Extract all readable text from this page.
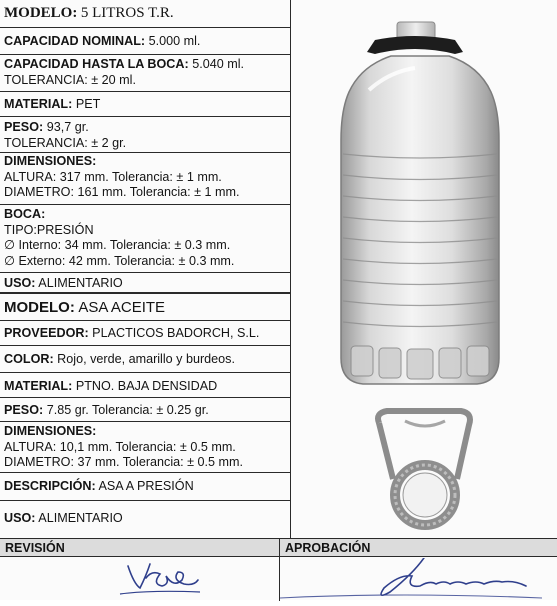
MODELO: 5 LITROS T.R.
CAPACIDAD NOMINAL: 5.000 ml.
CAPACIDAD HASTA LA BOCA: 5.040 ml.
TOLERANCIA: ± 20 ml.
MATERIAL: PET
PESO: 93,7 gr.
TOLERANCIA: ± 2 gr.
DIMENSIONES:
ALTURA: 317 mm. Tolerancia: ± 1 mm.
DIAMETRO: 161 mm. Tolerancia: ± 1 mm.
BOCA:
TIPO:PRESIÓN
∅ Interno: 34 mm. Tolerancia: ± 0.3 mm.
∅ Externo: 42 mm. Tolerancia: ± 0.3 mm.
USO: ALIMENTARIO
MODELO: ASA ACEITE
PROVEEDOR: PLACTICOS BADORCH, S.L.
COLOR: Rojo, verde, amarillo y burdeos.
MATERIAL: PTNO. BAJA DENSIDAD
PESO: 7.85 gr. Tolerancia: ± 0.25 gr.
DIMENSIONES:
ALTURA: 10,1 mm. Tolerancia: ± 0.5 mm.
DIAMETRO: 37 mm. Tolerancia: ± 0.5 mm.
DESCRIPCIÓN: ASA A PRESIÓN
USO: ALIMENTARIO
REVISIÓN	APROBACIÓN
